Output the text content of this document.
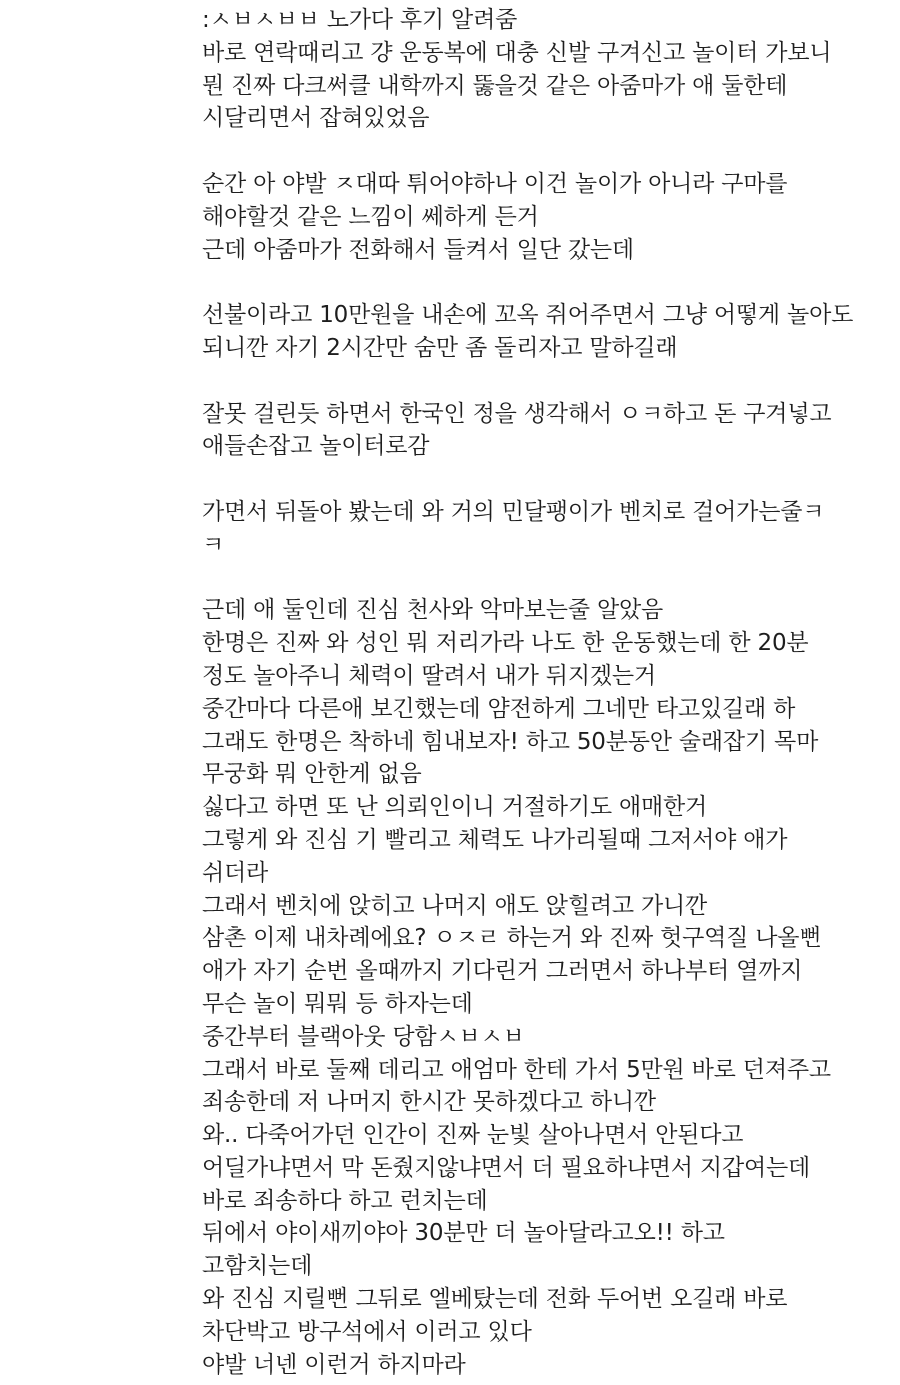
:ㅅㅂㅅㅂㅂ 노가다 후기 알려줌
바로 연락때리고 걍 운동복에 대충 신발 구겨신고 놀이터 가보니
뭔 진짜 다크써클 내학까지 뚫을것 같은 아줌마가 애 둘한테
시달리면서 잡혀있었음
순간 아 야발 ㅈ대따 튀어야하나 이건 놀이가 아니라 구마를
해야할것 같은 느낌이 쎄하게 든거
근데 아줌마가 전화해서 들켜서 일단 갔는데
선불이라고 10만원을 내손에 꼬옥 쥐어주면서 그냥 어떻게 놀아도
되니깐 자기 2시간만 숨만 좀 돌리자고 말하길래
잘못 걸린듯 하면서 한국인 정을 생각해서 ㅇㅋ하고 돈 구겨넣고
애들손잡고 놀이터로감
가면서 뒤돌아 봤는데 와 거의 민달팽이가 벤치로 걸어가는줄ㅋ
ㅋ
근데 애 둘인데 진심 천사와 악마보는줄 알았음
한명은 진짜 와 성인 뭐 저리가라 나도 한 운동했는데 한 20분
정도 놀아주니 체력이 딸려서 내가 뒤지겠는거
중간마다 다른애 보긴했는데 얌전하게 그네만 타고있길래 하
그래도 한명은 착하네 힘내보자! 하고 50분동안 술래잡기 목마
무궁화 뭐 안한게 없음
싫다고 하면 또 난 의뢰인이니 거절하기도 애매한거
그렇게 와 진심 기 빨리고 체력도 나가리될때 그저서야 애가
쉬더라
그래서 벤치에 앉히고 나머지 애도 앉힐려고 가니깐
삼촌 이제 내차례에요? ㅇㅈㄹ 하는거 와 진짜 헛구역질 나올뻔
애가 자기 순번 올때까지 기다린거 그러면서 하나부터 열까지
무슨 놀이 뭐뭐 등 하자는데
중간부터 블랙아웃 당함ㅅㅂㅅㅂ
그래서 바로 둘째 데리고 애엄마 한테 가서 5만원 바로 던져주고
죄송한데 저 나머지 한시간 못하겠다고 하니깐
와.. 다죽어가던 인간이 진짜 눈빛 살아나면서 안된다고
어딜가냐면서 막 돈줬지않냐면서 더 필요하냐면서 지갑여는데
바로 죄송하다 하고 런치는데
뒤에서 야이새끼야아 30분만 더 놀아달라고오!! 하고
고함치는데
와 진심 지릴뻔 그뒤로 엘베탔는데 전화 두어번 오길래 바로
차단박고 방구석에서 이러고 있다
야발 너넨 이런거 하지마라
